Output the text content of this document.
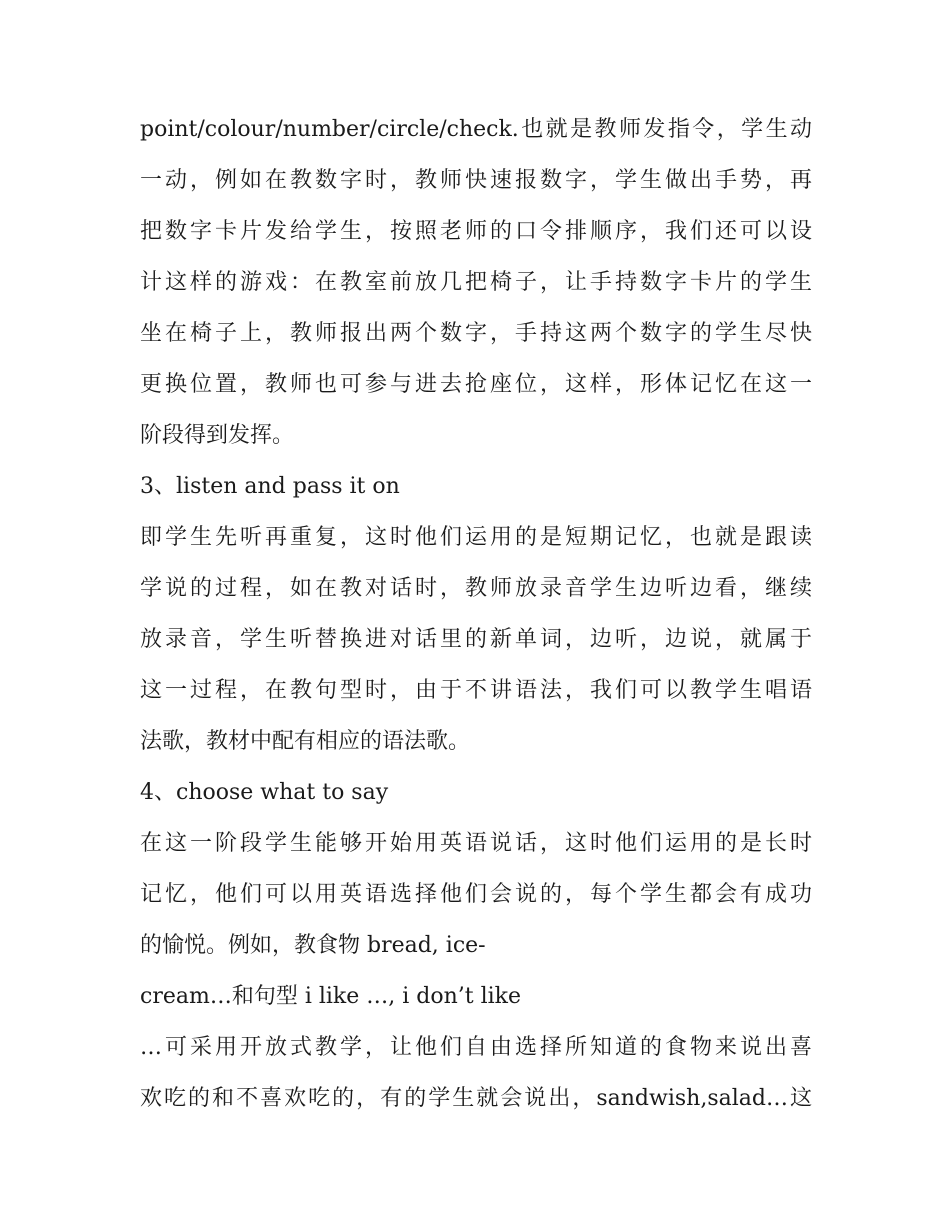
point/colour/number/circle/check.也就是教师发指令，学生动
一动，例如在教数字时，教师快速报数字，学生做出手势，再
把数字卡片发给学生，按照老师的口令排顺序，我们还可以设
计这样的游戏：在教室前放几把椅子，让手持数字卡片的学生
坐在椅子上，教师报出两个数字，手持这两个数字的学生尽快
更换位置，教师也可参与进去抢座位，这样，形体记忆在这一
阶段得到发挥。
3、listen and pass it on
即学生先听再重复，这时他们运用的是短期记忆，也就是跟读
学说的过程，如在教对话时，教师放录音学生边听边看，继续
放录音，学生听替换进对话里的新单词，边听，边说，就属于
这一过程，在教句型时，由于不讲语法，我们可以教学生唱语
法歌，教材中配有相应的语法歌。
4、choose what to say
在这一阶段学生能够开始用英语说话，这时他们运用的是长时
记忆，他们可以用英语选择他们会说的，每个学生都会有成功
的愉悦。例如，教食物 bread, ice-
cream…和句型 i like …, i don’t like
…可采用开放式教学，让他们自由选择所知道的食物来说出喜
欢吃的和不喜欢吃的，有的学生就会说出，sandwish,salad…这
